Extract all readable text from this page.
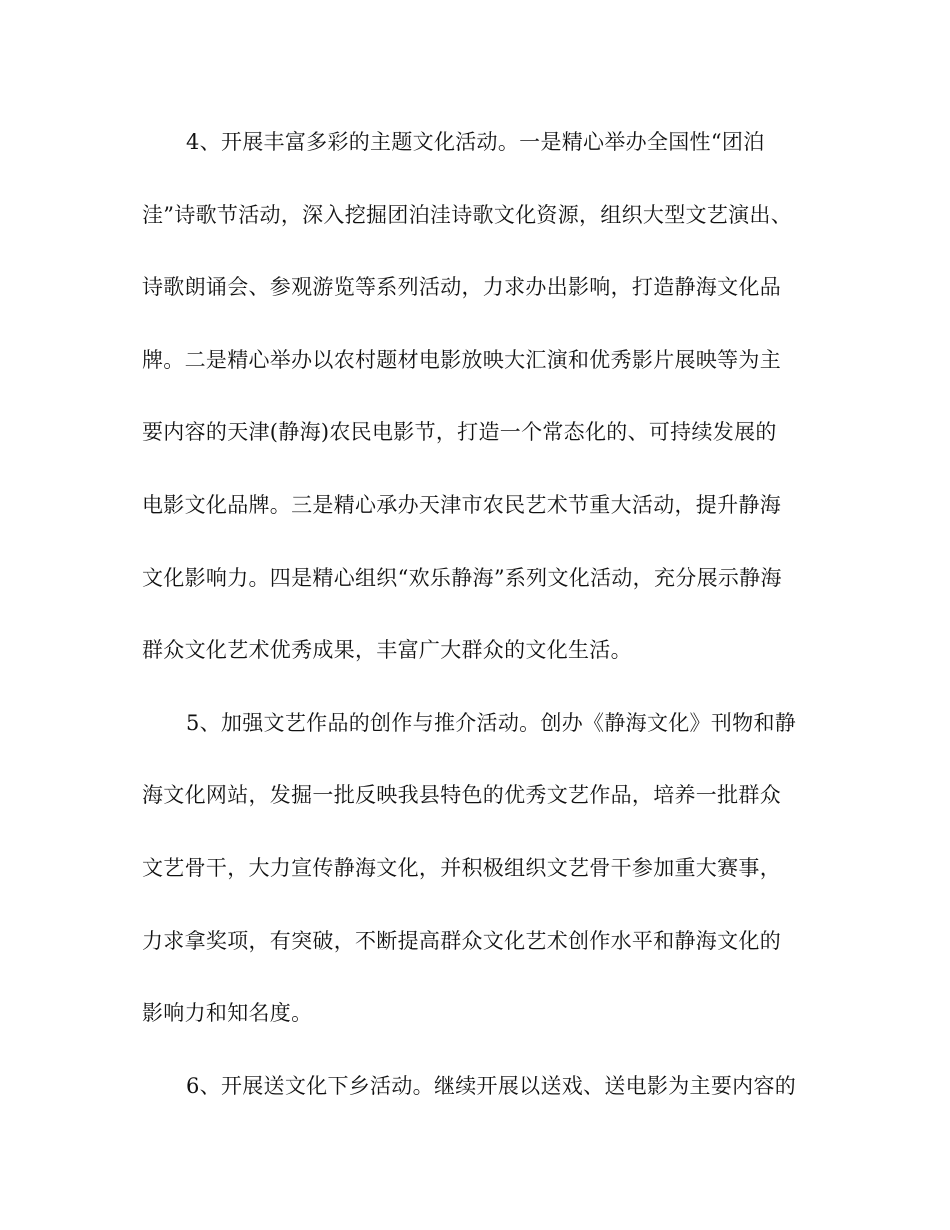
4、开展丰富多彩的主题文化活动。一是精心举办全国性“团泊
洼”诗歌节活动，深入挖掘团泊洼诗歌文化资源，组织大型文艺演出、
诗歌朗诵会、参观游览等系列活动，力求办出影响，打造静海文化品
牌。二是精心举办以农村题材电影放映大汇演和优秀影片展映等为主
要内容的天津(静海)农民电影节，打造一个常态化的、可持续发展的
电影文化品牌。三是精心承办天津市农民艺术节重大活动，提升静海
文化影响力。四是精心组织“欢乐静海”系列文化活动，充分展示静海
群众文化艺术优秀成果，丰富广大群众的文化生活。
5、加强文艺作品的创作与推介活动。创办《静海文化》刊物和静
海文化网站，发掘一批反映我县特色的优秀文艺作品，培养一批群众
文艺骨干，大力宣传静海文化，并积极组织文艺骨干参加重大赛事，
力求拿奖项，有突破，不断提高群众文化艺术创作水平和静海文化的
影响力和知名度。
6、开展送文化下乡活动。继续开展以送戏、送电影为主要内容的
